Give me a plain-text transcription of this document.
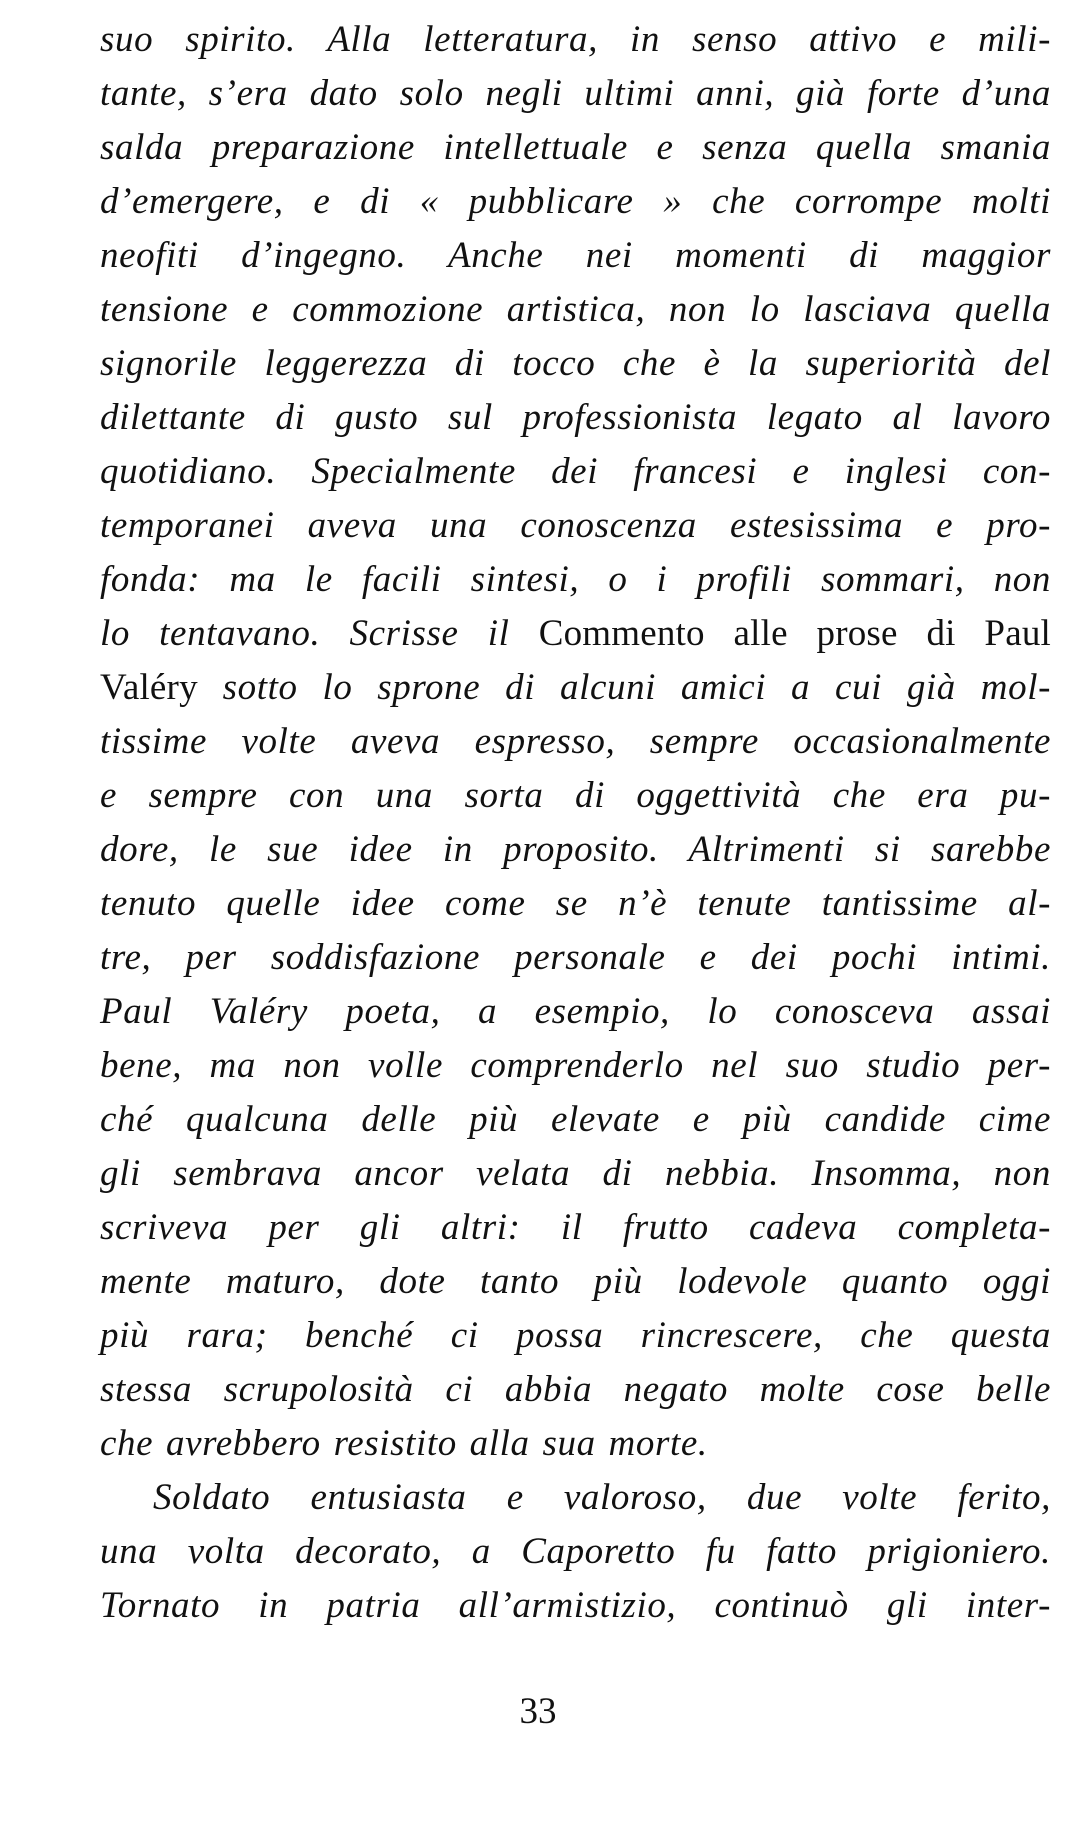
suo spirito. Alla letteratura, in senso attivo e mili-
tante, s’era dato solo negli ultimi anni, già forte d’una
salda preparazione intellettuale e senza quella smania
d’emergere, e di « pubblicare » che corrompe molti
neofiti d’ingegno. Anche nei momenti di maggior
tensione e commozione artistica, non lo lasciava quella
signorile leggerezza di tocco che è la superiorità del
dilettante di gusto sul professionista legato al lavoro
quotidiano. Specialmente dei francesi e inglesi con-
temporanei aveva una conoscenza estesissima e pro-
fonda: ma le facili sintesi, o i profili sommari, non
lo tentavano. Scrisse il Commento alle prose di Paul
Valéry sotto lo sprone di alcuni amici a cui già mol-
tissime volte aveva espresso, sempre occasionalmente
e sempre con una sorta di oggettività che era pu-
dore, le sue idee in proposito. Altrimenti si sarebbe
tenuto quelle idee come se n’è tenute tantissime al-
tre, per soddisfazione personale e dei pochi intimi.
Paul Valéry poeta, a esempio, lo conosceva assai
bene, ma non volle comprenderlo nel suo studio per-
ché qualcuna delle più elevate e più candide cime
gli sembrava ancor velata di nebbia. Insomma, non
scriveva per gli altri: il frutto cadeva completa-
mente maturo, dote tanto più lodevole quanto oggi
più rara; benché ci possa rincrescere, che questa
stessa scrupolosità ci abbia negato molte cose belle
che avrebbero resistito alla sua morte.
Soldato entusiasta e valoroso, due volte ferito,
una volta decorato, a Caporetto fu fatto prigioniero.
Tornato in patria all’armistizio, continuò gli inter-
33
